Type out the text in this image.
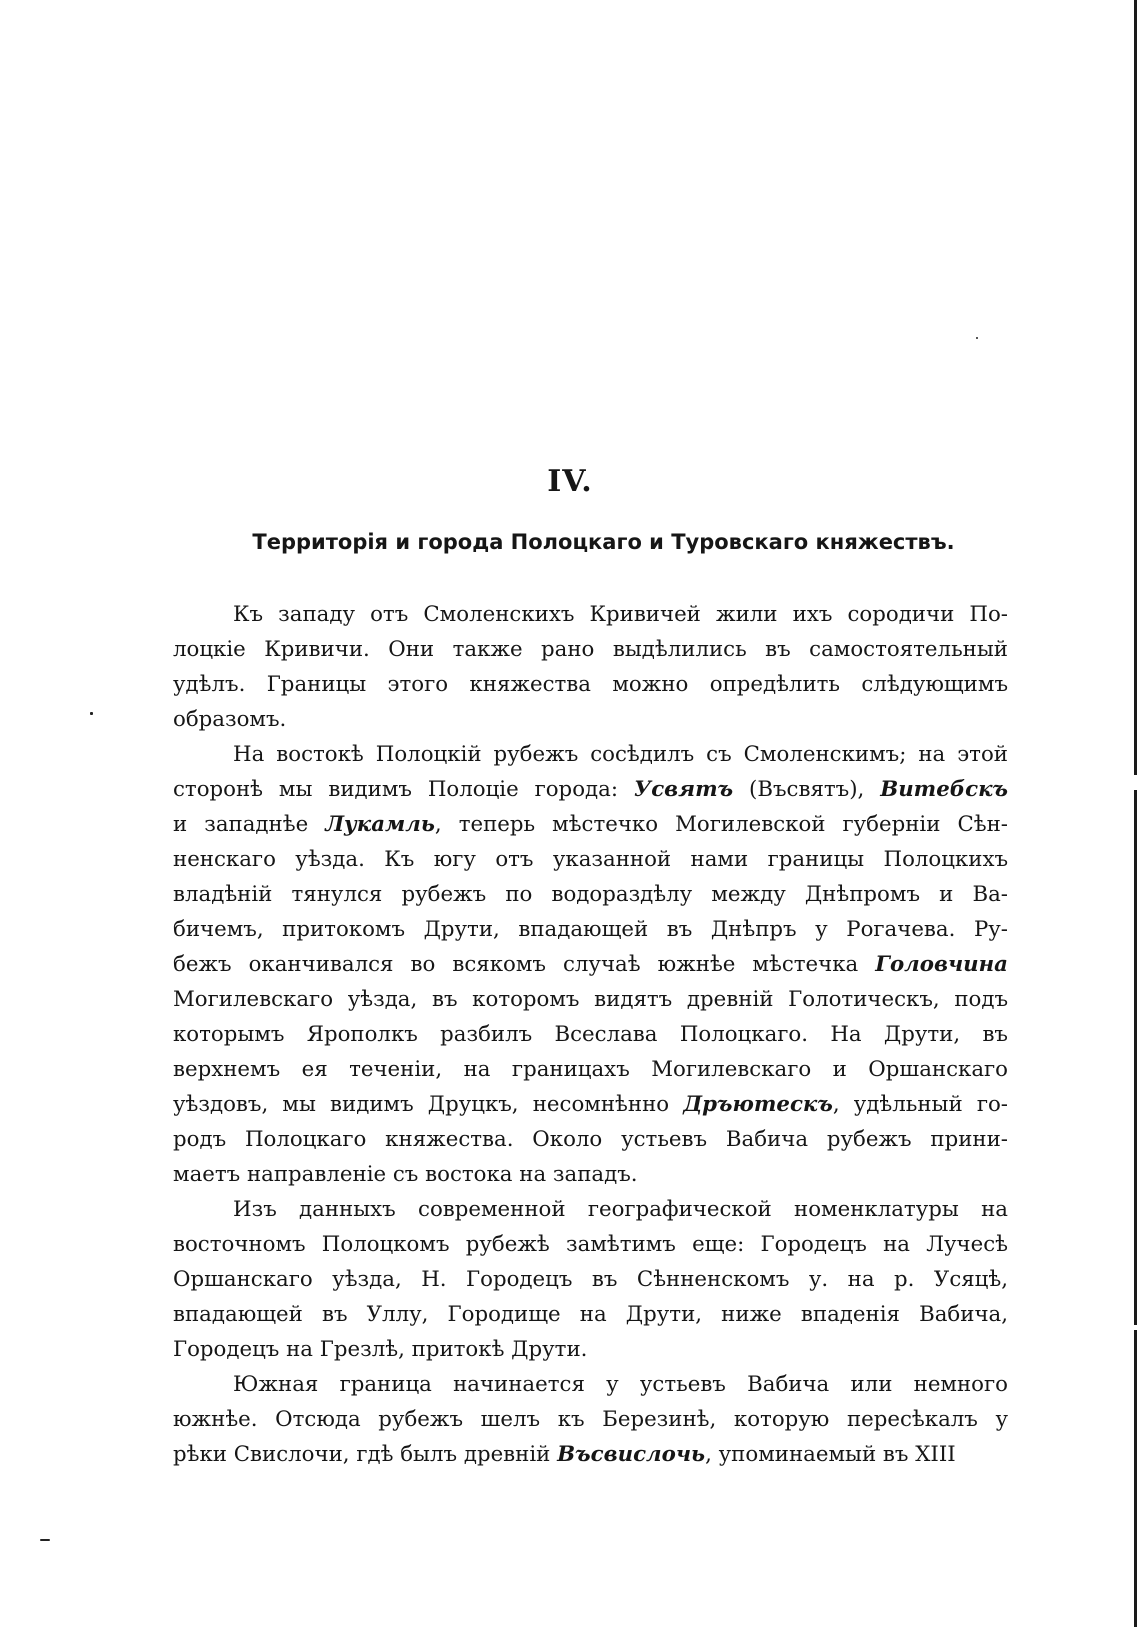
IV.
Территорія и города Полоцкаго и Туровскаго княжествъ.
Къ западу отъ Смоленскихъ Кривичей жили ихъ сородичи По-
лоцкіе Кривичи. Они также рано выдѣлились въ самостоятельный
удѣлъ. Границы этого княжества можно опредѣлить слѣдующимъ
образомъ.
На востокѣ Полоцкій рубежъ сосѣдилъ съ Смоленскимъ; на этой
сторонѣ мы видимъ Полоціе города: Усвятъ (Въсвятъ), Витебскъ
и западнѣе Лукамль, теперь мѣстечко Могилевской губерніи Сѣн-
ненскаго уѣзда. Къ югу отъ указанной нами границы Полоцкихъ
владѣній тянулся рубежъ по водораздѣлу между Днѣпромъ и Ва-
бичемъ, притокомъ Друти, впадающей въ Днѣпръ у Рогачева. Ру-
бежъ оканчивался во всякомъ случаѣ южнѣе мѣстечка Головчина
Могилевскаго уѣзда, въ которомъ видятъ древній Голотическъ, подъ
которымъ Ярополкъ разбилъ Всеслава Полоцкаго. На Друти, въ
верхнемъ ея теченіи, на границахъ Могилевскаго и Оршанскаго
уѣздовъ, мы видимъ Друцкъ, несомнѣнно Дръютескъ, удѣльный го-
родъ Полоцкаго княжества. Около устьевъ Вабича рубежъ прини-
маетъ направленіе съ востока на западъ.
Изъ данныхъ современной географической номенклатуры на
восточномъ Полоцкомъ рубежѣ замѣтимъ еще: Городецъ на Лучесѣ
Оршанскаго уѣзда, Н. Городецъ въ Сѣнненскомъ у. на р. Усяцѣ,
впадающей въ Уллу, Городище на Друти, ниже впаденія Вабича,
Городецъ на Грезлѣ, притокѣ Друти.
Южная граница начинается у устьевъ Вабича или немного
южнѣе. Отсюда рубежъ шелъ къ Березинѣ, которую пересѣкалъ у
рѣки Свислочи, гдѣ былъ древній Въсвислочь, упоминаемый въ XIII
